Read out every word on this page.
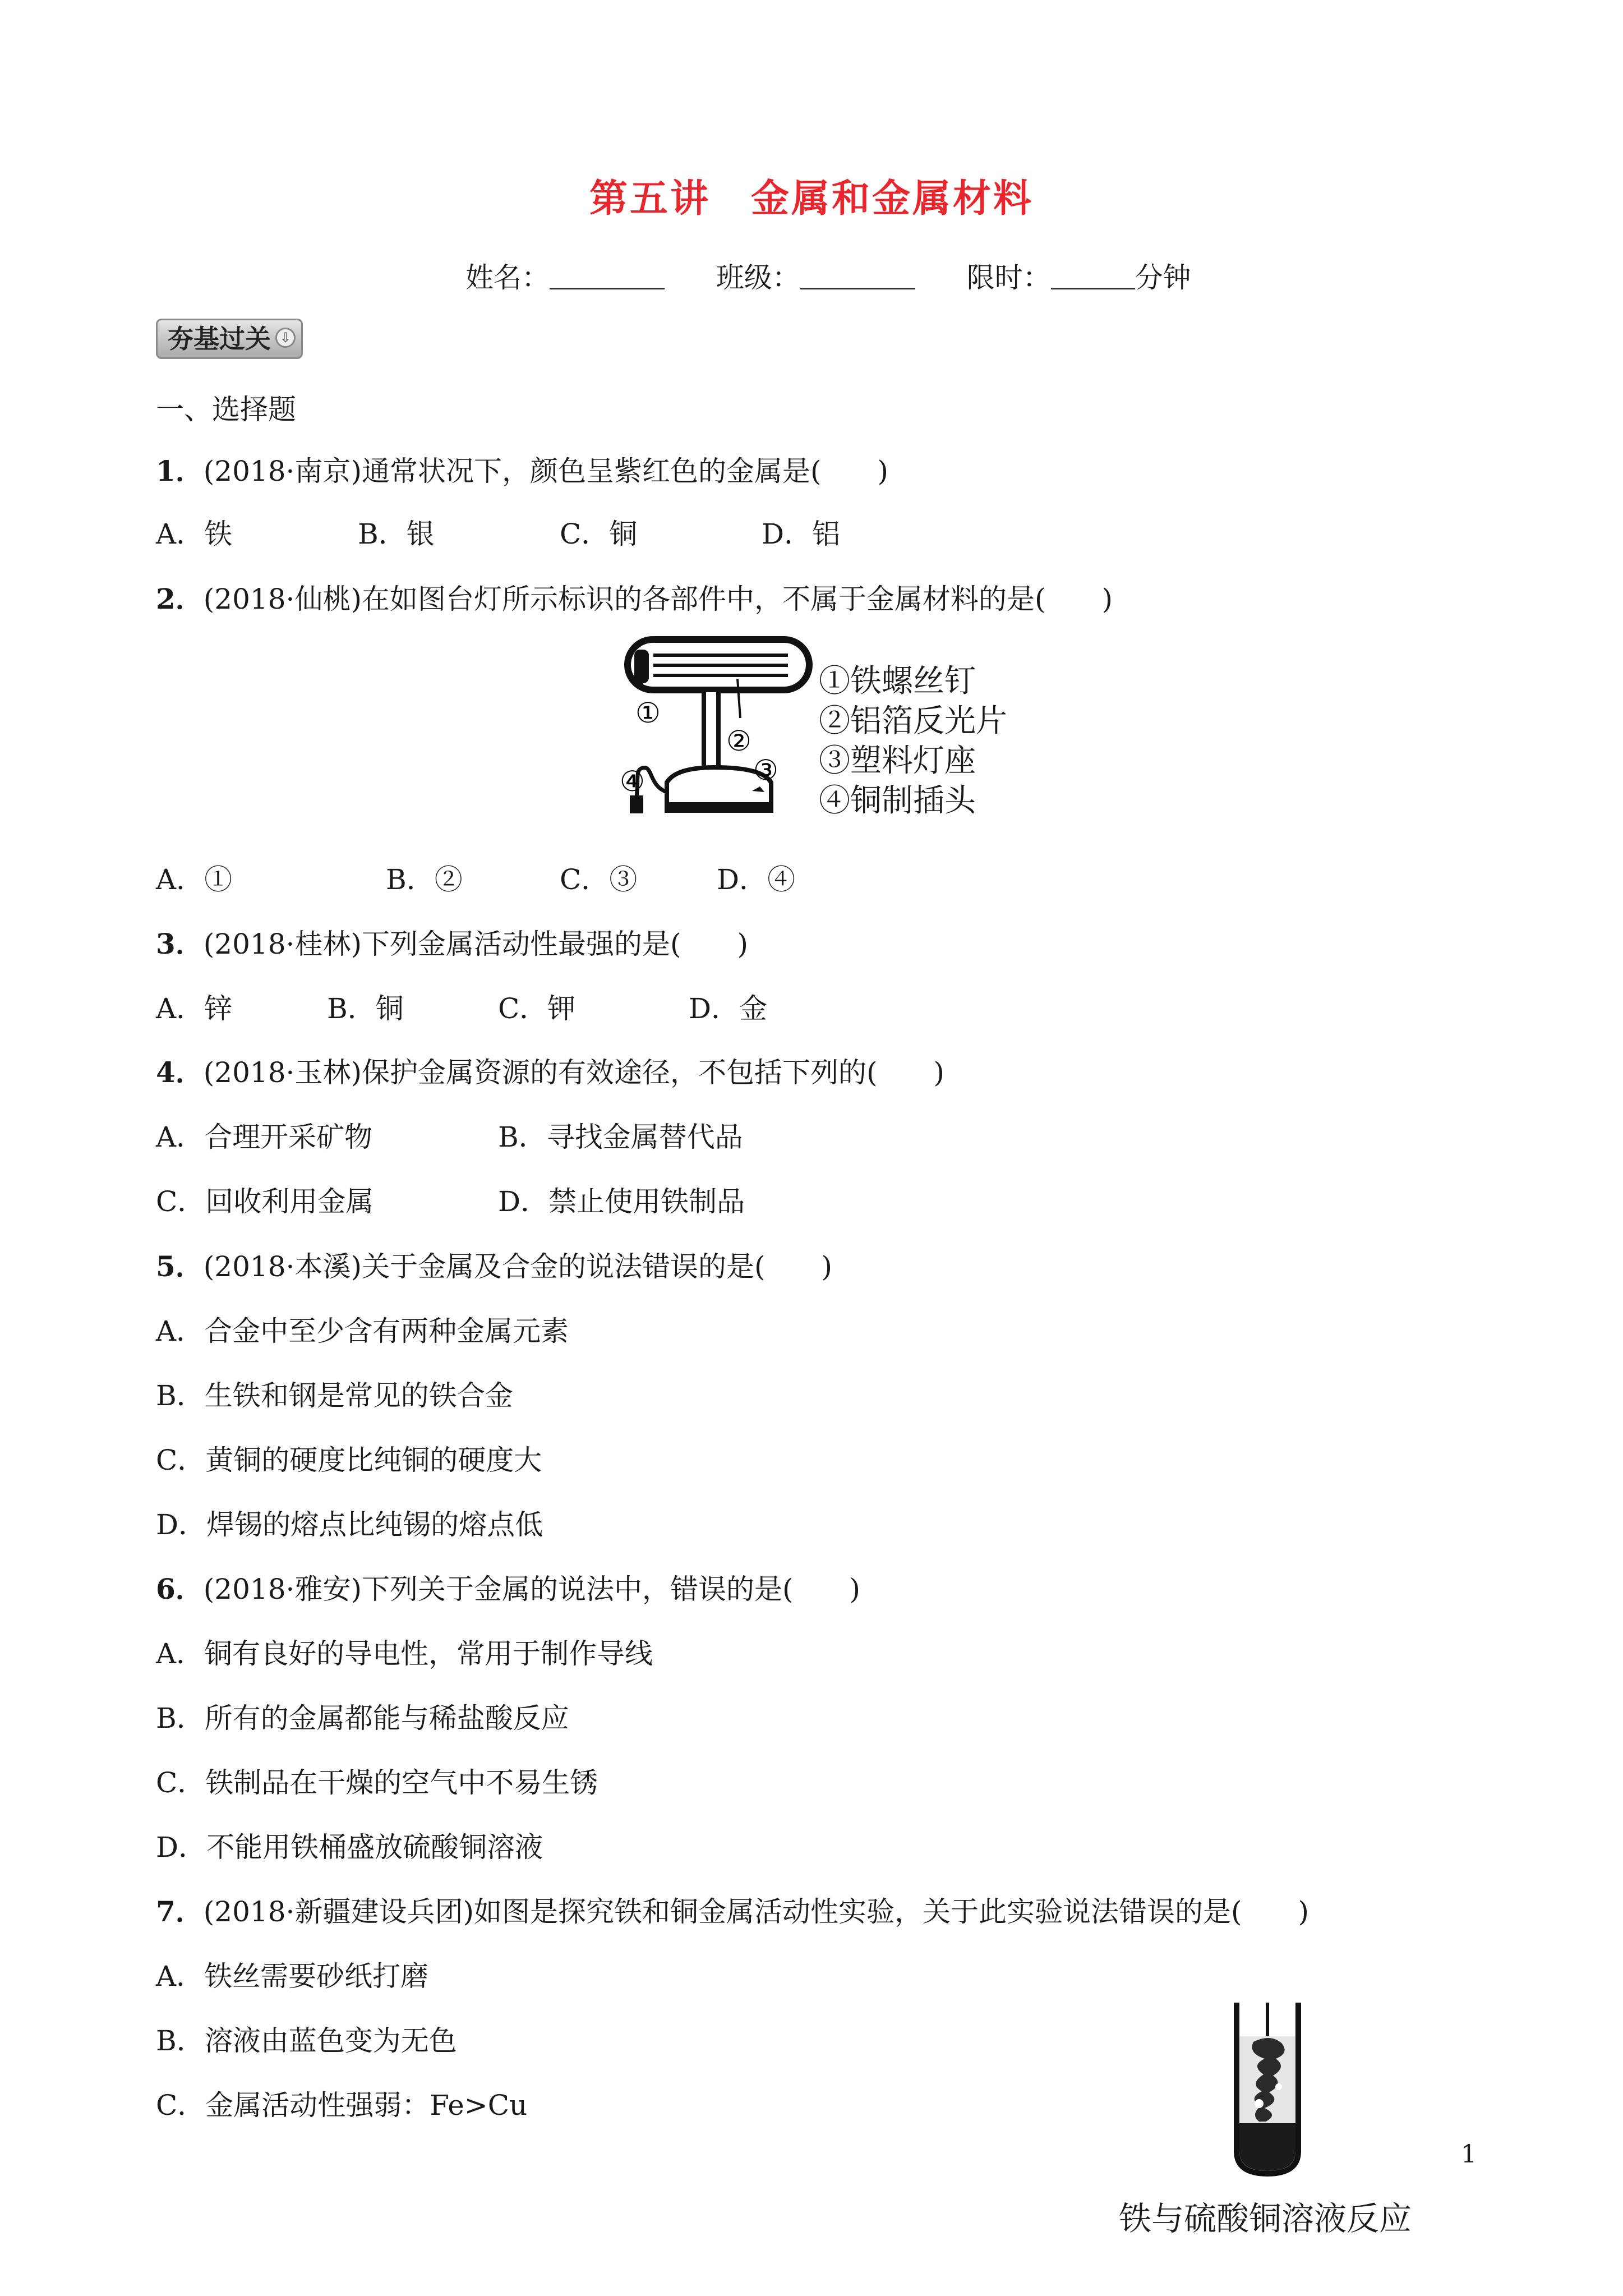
第五讲　金属和金属材料
姓名：	班级：	限时：	分钟
夯基过关 ⇩
一、选择题
1．(2018·南京)通常状况下，颜色呈紫红色的金属是(　　)
A．铁	B．银	C．铜	D．铝
2．(2018·仙桃)在如图台灯所示标识的各部件中，不属于金属材料的是(　　)
①
②
③
④
①铁螺丝钉
②铝箔反光片
③塑料灯座
④铜制插头
A．①	B．②	C．③	D．④
3．(2018·桂林)下列金属活动性最强的是(　　)
A．锌	B．铜	C．钾	D．金
4．(2018·玉林)保护金属资源的有效途径，不包括下列的(　　)
A．合理开采矿物	B．寻找金属替代品
C．回收利用金属	D．禁止使用铁制品
5．(2018·本溪)关于金属及合金的说法错误的是(　　)
A．合金中至少含有两种金属元素
B．生铁和钢是常见的铁合金
C．黄铜的硬度比纯铜的硬度大
D．焊锡的熔点比纯锡的熔点低
6．(2018·雅安)下列关于金属的说法中，错误的是(　　)
A．铜有良好的导电性，常用于制作导线
B．所有的金属都能与稀盐酸反应
C．铁制品在干燥的空气中不易生锈
D．不能用铁桶盛放硫酸铜溶液
7．(2018·新疆建设兵团)如图是探究铁和铜金属活动性实验，关于此实验说法错误的是(　　)
A．铁丝需要砂纸打磨
B．溶液由蓝色变为无色
C．金属活动性强弱：Fe>Cu
1
铁与硫酸铜溶液反应
